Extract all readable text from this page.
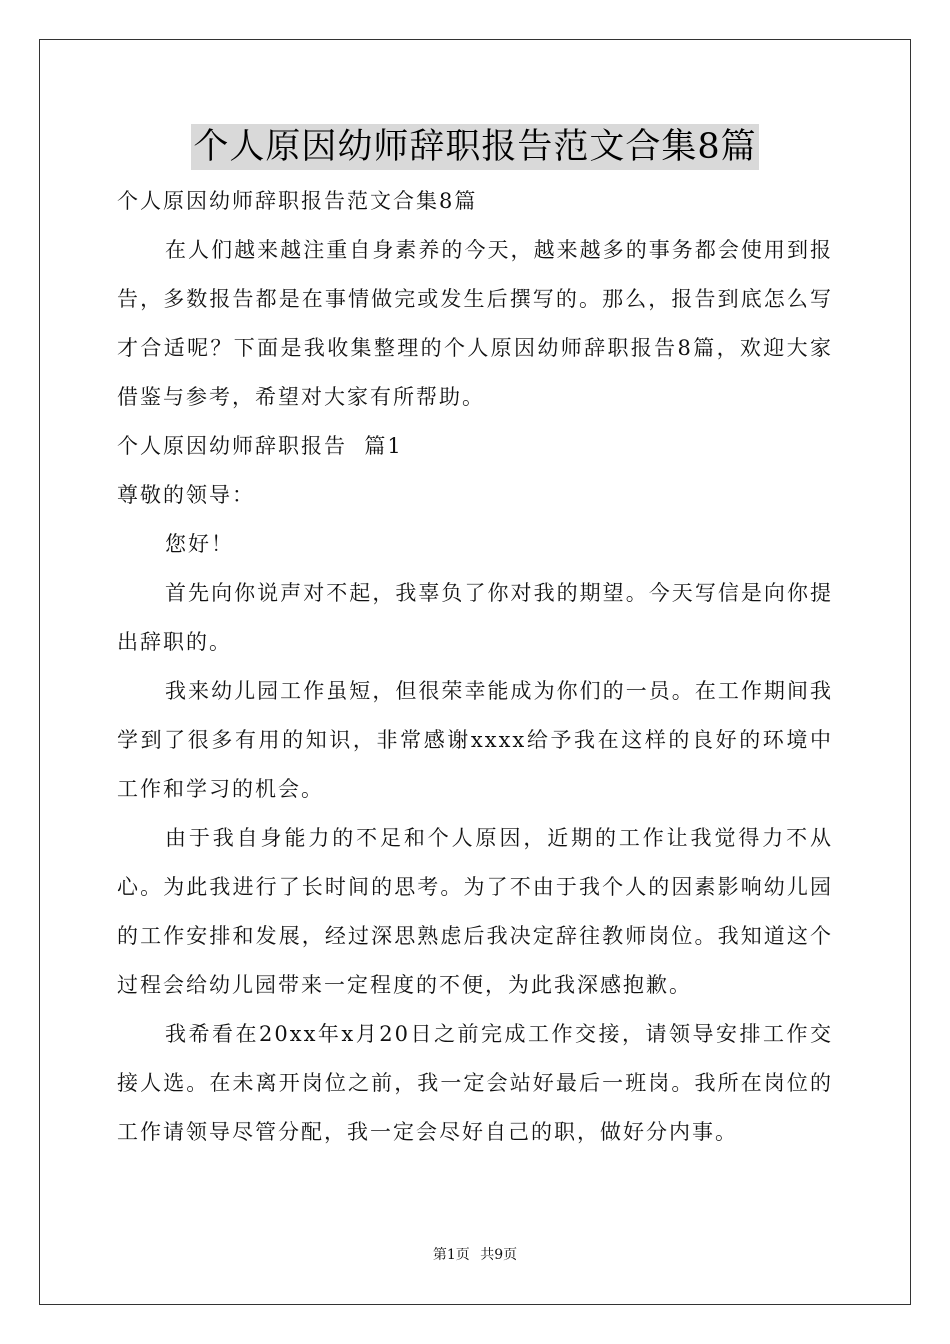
个人原因幼师辞职报告范文合集8篇

个人原因幼师辞职报告范文合集8篇

在人们越来越注重自身素养的今天，越来越多的事务都会使用到报告，多数报告都是在事情做完或发生后撰写的。那么，报告到底怎么写才合适呢？下面是我收集整理的个人原因幼师辞职报告8篇，欢迎大家借鉴与参考，希望对大家有所帮助。

个人原因幼师辞职报告  篇1

尊敬的领导：

您好！

首先向你说声对不起，我辜负了你对我的期望。今天写信是向你提出辞职的。

我来幼儿园工作虽短，但很荣幸能成为你们的一员。在工作期间我学到了很多有用的知识，非常感谢xxxx给予我在这样的良好的环境中工作和学习的机会。

由于我自身能力的不足和个人原因，近期的工作让我觉得力不从心。为此我进行了长时间的思考。为了不由于我个人的因素影响幼儿园的工作安排和发展，经过深思熟虑后我决定辞往教师岗位。我知道这个过程会给幼儿园带来一定程度的不便，为此我深感抱歉。

我希看在20xx年x月20日之前完成工作交接，请领导安排工作交接人选。在未离开岗位之前，我一定会站好最后一班岗。我所在岗位的工作请领导尽管分配，我一定会尽好自己的职，做好分内事。

第1页 共9页
